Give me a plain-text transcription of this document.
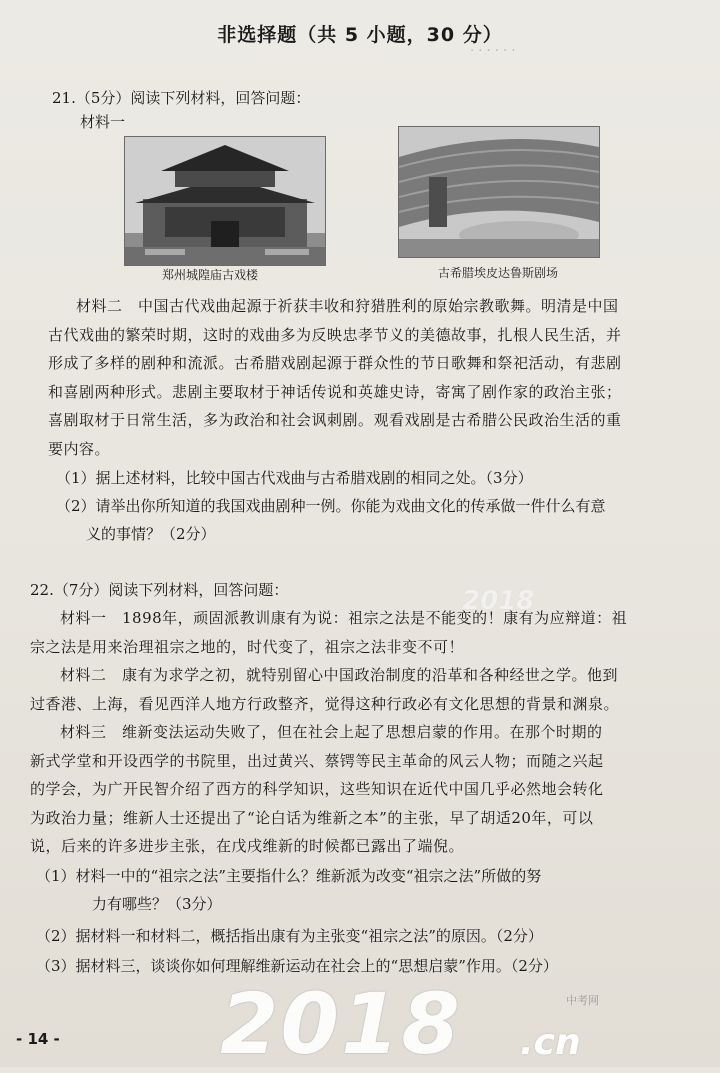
· · · · · ·
非选择题（共 5 小题，30 分）
21.（5分）阅读下列材料，回答问题：
材料一
郑州城隍庙古戏楼	古希腊埃皮达鲁斯剧场
材料二　中国古代戏曲起源于祈获丰收和狩猎胜利的原始宗教歌舞。明清是中国
古代戏曲的繁荣时期，这时的戏曲多为反映忠孝节义的美德故事，扎根人民生活，并
形成了多样的剧种和流派。古希腊戏剧起源于群众性的节日歌舞和祭祀活动，有悲剧
和喜剧两种形式。悲剧主要取材于神话传说和英雄史诗，寄寓了剧作家的政治主张；
喜剧取材于日常生活，多为政治和社会讽刺剧。观看戏剧是古希腊公民政治生活的重
要内容。
（1）据上述材料，比较中国古代戏曲与古希腊戏剧的相同之处。（3分）
（2）请举出你所知道的我国戏曲剧种一例。你能为戏曲文化的传承做一件什么有意
义的事情？（2分）
22.（7分）阅读下列材料，回答问题：	2018
材料一　1898年，顽固派教训康有为说：祖宗之法是不能变的！康有为应辩道：祖
宗之法是用来治理祖宗之地的，时代变了，祖宗之法非变不可！
材料二　康有为求学之初，就特别留心中国政治制度的沿革和各种经世之学。他到
过香港、上海，看见西洋人地方行政整齐，觉得这种行政必有文化思想的背景和渊泉。
材料三　维新变法运动失败了，但在社会上起了思想启蒙的作用。在那个时期的
新式学堂和开设西学的书院里，出过黄兴、蔡锷等民主革命的风云人物；而随之兴起
的学会，为广开民智介绍了西方的科学知识，这些知识在近代中国几乎必然地会转化
为政治力量；维新人士还提出了“论白话为维新之本”的主张，早了胡适20年，可以
说，后来的许多进步主张，在戊戌维新的时候都已露出了端倪。
（1）材料一中的“祖宗之法”主要指什么？维新派为改变“祖宗之法”所做的努
力有哪些？（3分）
（2）据材料一和材料二，概括指出康有为主张变“祖宗之法”的原因。（2分）
（3）据材料三，谈谈你如何理解维新运动在社会上的“思想启蒙”作用。（2分）
2018 .cn
中考网
- 14 -
